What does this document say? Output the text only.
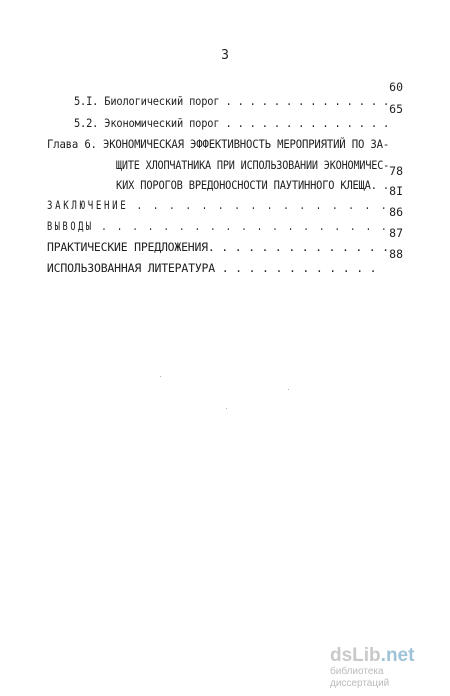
3

5.I. Биологический порог . . . . . . . . . . . . . .

60

5.2. Экономический порог . . . . . . . . . . . . . .

65

Глава 6. ЭКОНОМИЧЕСКАЯ ЭФФЕКТИВНОСТЬ МЕРОПРИЯТИЙ ПО ЗА-

ЩИТЕ ХЛОПЧАТНИКА ПРИ ИСПОЛЬЗОВАНИИ ЭКОНОМИЧЕС-

КИХ ПОРОГОВ ВРЕДОНОСНОСТИ ПАУТИННОГО КЛЕЩА. .

78

ЗАКЛЮЧЕНИЕ . . . . . . . . . . . . . . . .

8I

ВЫВОДЫ . . . . . . . . . . . . . . . . . . .

86

ПРАКТИЧЕСКИЕ ПРЕДЛОЖЕНИЯ. . . . . . . . . . . . . .

87

ИСПОЛЬЗОВАННАЯ ЛИТЕРАТУРА . . . . . . . . . . . .

88
dsLib.net
библиотека диссертаций
